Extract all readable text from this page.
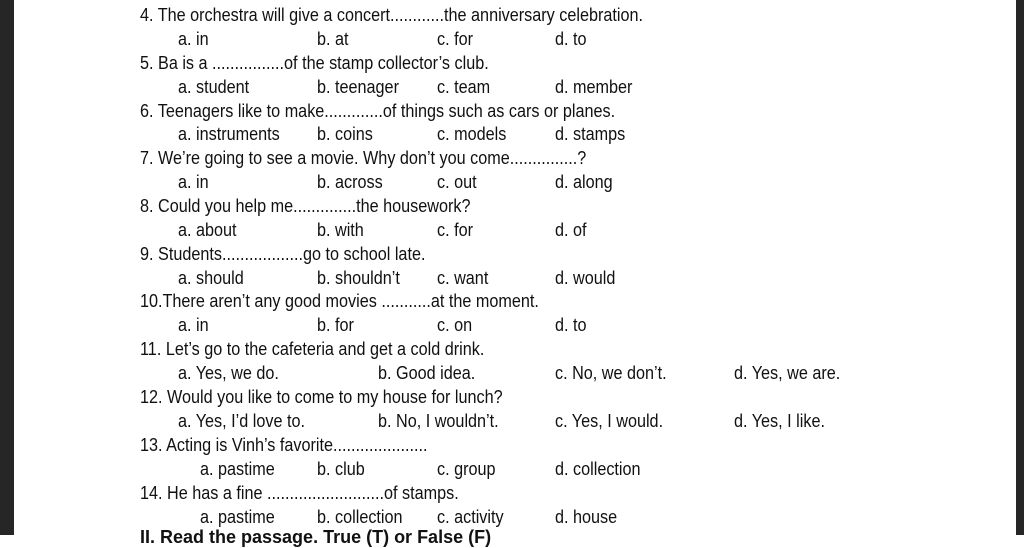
4. The orchestra will give a concert............the anniversary celebration.
a. in	b. at	c. for	d. to
5. Ba is a ................of the stamp collector’s club.
a. student	b. teenager c. team	d. member
6. Teenagers like to make.............of things such as cars or planes.
a. instruments b. coins	c. models	d. stamps
7. We’re going to see a movie. Why don’t you come...............?
a. in	b. across	c. out	d. along
8. Could you help me..............the housework?
a. about	b. with	c. for	d. of
9. Students..................go to school late.
a. should	b. shouldn’t c. want	d. would
10.There aren’t any good movies ...........at the moment.
a. in	b. for	c. on	d. to
11. Let’s go to the cafeteria and get a cold drink.
a. Yes, we do.	b. Good idea.	c. No, we don’t.	d. Yes, we are.
12. Would you like to come to my house for lunch?
a. Yes, I’d love to.	b. No, I wouldn’t.	c. Yes, I would.	d. Yes, I like.
13. Acting is Vinh’s favorite.....................
a. pastime b. club	c. group	d. collection
14. He has a fine ..........................of stamps.
a. pastime b. collection c. activity	d. house
II. Read the passage. True (T) or False (F)
